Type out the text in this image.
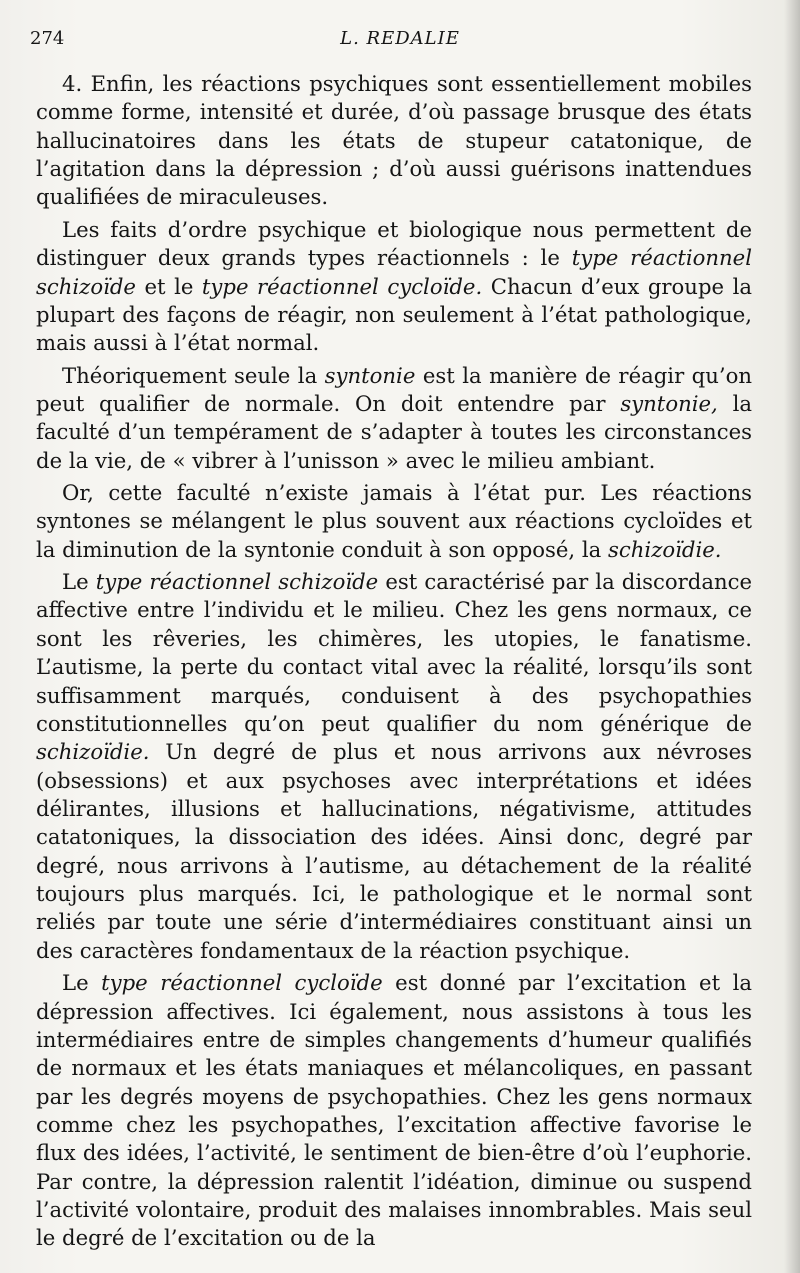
274	L. REDALIE

4. Enfin, les réactions psychiques sont essentiellement mobiles comme forme, intensité et durée, d’où passage brusque des états hallucinatoires dans les états de stupeur catatonique, de l’agitation dans la dépression ; d’où aussi guérisons inattendues qualifiées de miraculeuses.

Les faits d’ordre psychique et biologique nous permettent de distinguer deux grands types réactionnels : le type réactionnel schizoïde et le type réactionnel cycloïde. Chacun d’eux groupe la plupart des façons de réagir, non seulement à l’état pathologique, mais aussi à l’état normal.

Théoriquement seule la syntonie est la manière de réagir qu’on peut qualifier de normale. On doit entendre par syntonie, la faculté d’un tempérament de s’adapter à toutes les circonstances de la vie, de « vibrer à l’unisson » avec le milieu ambiant.

Or, cette faculté n’existe jamais à l’état pur. Les réactions syntones se mélangent le plus souvent aux réactions cycloïdes et la diminution de la syntonie conduit à son opposé, la schizoïdie.

Le type réactionnel schizoïde est caractérisé par la discordance affective entre l’individu et le milieu. Chez les gens normaux, ce sont les rêveries, les chimères, les utopies, le fanatisme. L’autisme, la perte du contact vital avec la réalité, lorsqu’ils sont suffisamment marqués, conduisent à des psychopathies constitutionnelles qu’on peut qualifier du nom générique de schizoïdie. Un degré de plus et nous arrivons aux névroses (obsessions) et aux psychoses avec interprétations et idées délirantes, illusions et hallucinations, négativisme, attitudes catatoniques, la dissociation des idées. Ainsi donc, degré par degré, nous arrivons à l’autisme, au détachement de la réalité toujours plus marqués. Ici, le pathologique et le normal sont reliés par toute une série d’intermédiaires constituant ainsi un des caractères fondamentaux de la réaction psychique.

Le type réactionnel cycloïde est donné par l’excitation et la dépression affectives. Ici également, nous assistons à tous les intermédiaires entre de simples changements d’humeur qualifiés de normaux et les états maniaques et mélancoliques, en passant par les degrés moyens de psychopathies. Chez les gens normaux comme chez les psychopathes, l’excitation affective favorise le flux des idées, l’activité, le sentiment de bien-être d’où l’euphorie. Par contre, la dépression ralentit l’idéation, diminue ou suspend l’activité volontaire, produit des malaises innombrables. Mais seul le degré de l’excitation ou de la
